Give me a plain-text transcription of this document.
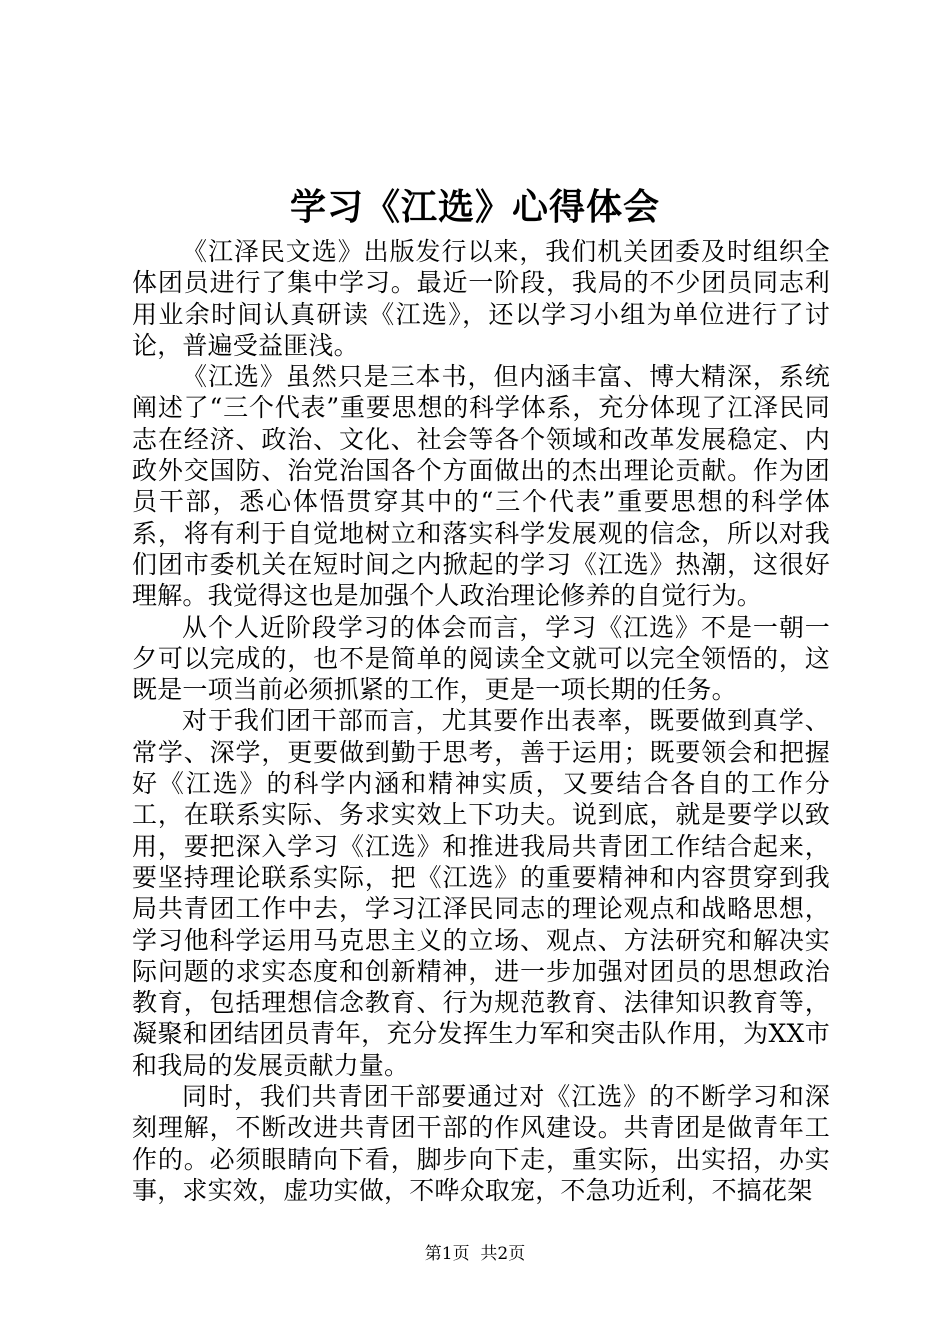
学习《江选》心得体会

《江泽民文选》出版发行以来，我们机关团委及时组织全体团员进行了集中学习。最近一阶段，我局的不少团员同志利用业余时间认真研读《江选》，还以学习小组为单位进行了讨论，普遍受益匪浅。

《江选》虽然只是三本书，但内涵丰富、博大精深，系统阐述了“三个代表”重要思想的科学体系，充分体现了江泽民同志在经济、政治、文化、社会等各个领域和改革发展稳定、内政外交国防、治党治国各个方面做出的杰出理论贡献。作为团员干部，悉心体悟贯穿其中的“三个代表”重要思想的科学体系，将有利于自觉地树立和落实科学发展观的信念，所以对我们团市委机关在短时间之内掀起的学习《江选》热潮，这很好理解。我觉得这也是加强个人政治理论修养的自觉行为。

从个人近阶段学习的体会而言，学习《江选》不是一朝一夕可以完成的，也不是简单的阅读全文就可以完全领悟的，这既是一项当前必须抓紧的工作，更是一项长期的任务。

对于我们团干部而言，尤其要作出表率，既要做到真学、常学、深学，更要做到勤于思考，善于运用；既要领会和把握好《江选》的科学内涵和精神实质，又要结合各自的工作分工，在联系实际、务求实效上下功夫。说到底，就是要学以致用，要把深入学习《江选》和推进我局共青团工作结合起来，要坚持理论联系实际，把《江选》的重要精神和内容贯穿到我局共青团工作中去，学习江泽民同志的理论观点和战略思想，学习他科学运用马克思主义的立场、观点、方法研究和解决实际问题的求实态度和创新精神，进一步加强对团员的思想政治教育，包括理想信念教育、行为规范教育、法律知识教育等，凝聚和团结团员青年，充分发挥生力军和突击队作用，为XX市和我局的发展贡献力量。

同时，我们共青团干部要通过对《江选》的不断学习和深刻理解，不断改进共青团干部的作风建设。共青团是做青年工作的。必须眼睛向下看，脚步向下走，重实际，出实招，办实事，求实效，虚功实做，不哗众取宠，不急功近利，不搞花架

第1页 共2页
